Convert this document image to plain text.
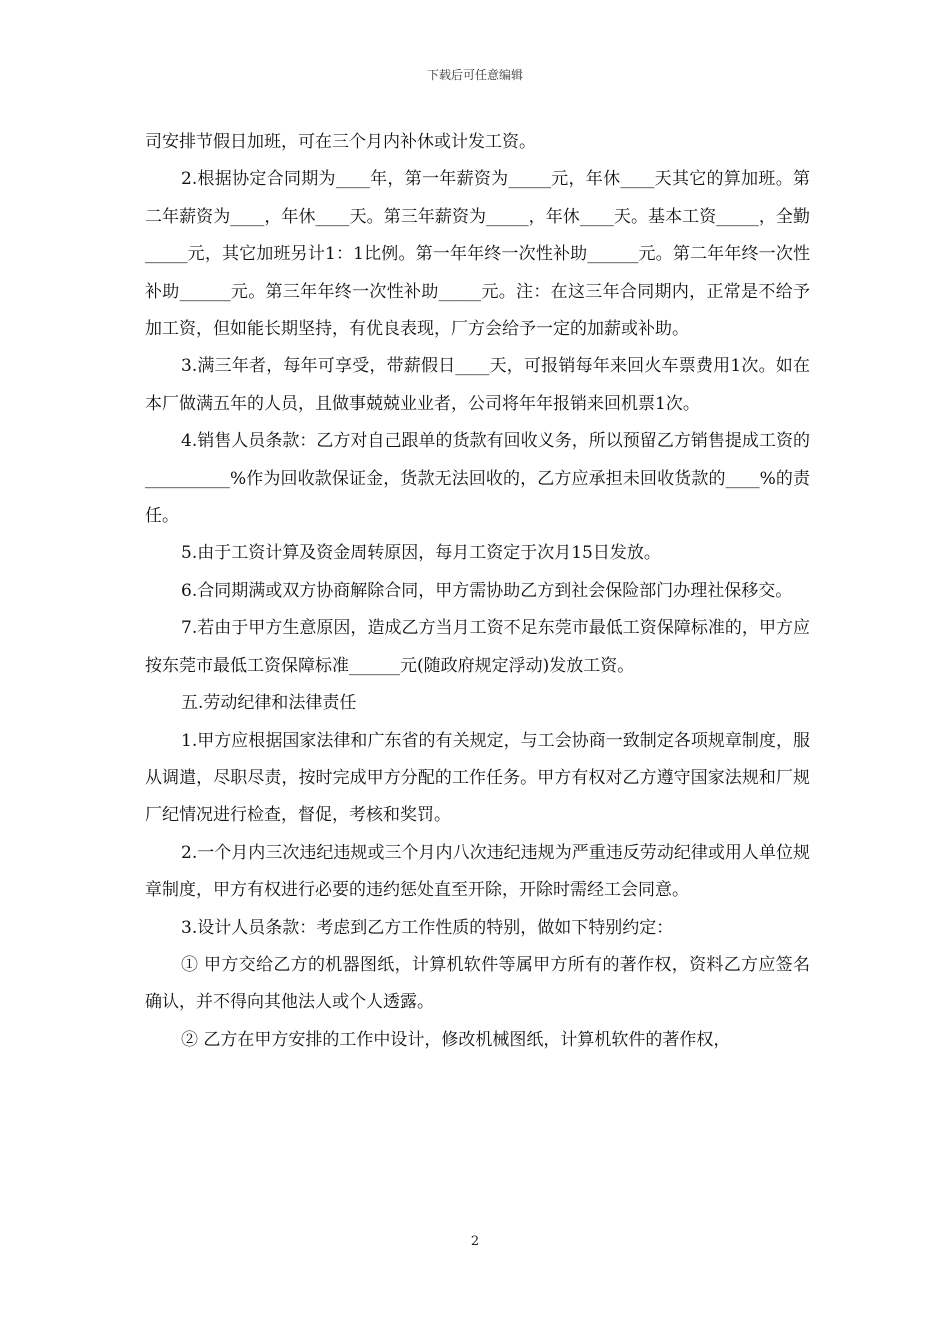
下载后可任意编辑

司安排节假日加班，可在三个月内补休或计发工资。

2.根据协定合同期为____年，第一年薪资为_____元，年休____天其它的算加班。第二年薪资为____，年休____天。第三年薪资为_____，年休____天。基本工资_____，全勤_____元，其它加班另计1：1比例。第一年年终一次性补助______元。第二年年终一次性补助______元。第三年年终一次性补助_____元。注：在这三年合同期内，正常是不给予加工资，但如能长期坚持，有优良表现，厂方会给予一定的加薪或补助。

3.满三年者，每年可享受，带薪假日____天，可报销每年来回火车票费用1次。如在本厂做满五年的人员，且做事兢兢业业者，公司将年年报销来回机票1次。

4.销售人员条款：乙方对自己跟单的货款有回收义务，所以预留乙方销售提成工资的__________%作为回收款保证金，货款无法回收的，乙方应承担未回收货款的____%的责任。

5.由于工资计算及资金周转原因，每月工资定于次月15日发放。

6.合同期满或双方协商解除合同，甲方需协助乙方到社会保险部门办理社保移交。

7.若由于甲方生意原因，造成乙方当月工资不足东莞市最低工资保障标准的，甲方应按东莞市最低工资保障标准______元(随政府规定浮动)发放工资。

五.劳动纪律和法律责任

1.甲方应根据国家法律和广东省的有关规定，与工会协商一致制定各项规章制度，服从调遣，尽职尽责，按时完成甲方分配的工作任务。甲方有权对乙方遵守国家法规和厂规厂纪情况进行检查，督促，考核和奖罚。

2.一个月内三次违纪违规或三个月内八次违纪违规为严重违反劳动纪律或用人单位规章制度，甲方有权进行必要的违约惩处直至开除，开除时需经工会同意。

3.设计人员条款：考虑到乙方工作性质的特别，做如下特别约定：

① 甲方交给乙方的机器图纸，计算机软件等属甲方所有的著作权，资料乙方应签名确认，并不得向其他法人或个人透露。

② 乙方在甲方安排的工作中设计，修改机械图纸，计算机软件的著作权，

2
